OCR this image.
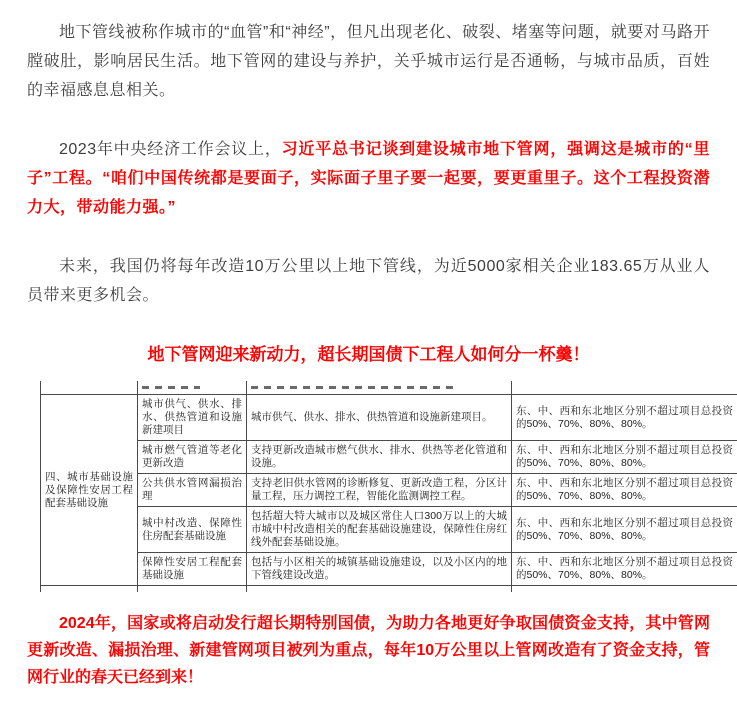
地下管线被称作城市的“血管”和“神经”，但凡出现老化、破裂、堵塞等问题，就要对马路开膛破肚，影响居民生活。地下管网的建设与养护，关乎城市运行是否通畅，与城市品质，百姓的幸福感息息相关。

2023年中央经济工作会议上，习近平总书记谈到建设城市地下管网，强调这是城市的“里子”工程。“咱们中国传统都是要面子，实际面子里子要一起要，要更重里子。这个工程投资潜力大，带动能力强。”

未来，我国仍将每年改造10万公里以上地下管线，为近5000家相关企业183.65万从业人员带来更多机会。

地下管网迎来新动力，超长期国债下工程人如何分一杯羹！

四、城市基础设施及保障性安居工程配套基础设施	城市供气、供水、排水、供热管道和设施新建项目	城市供气、供水、排水、供热管道和设施新建项目。	东、中、西和东北地区分别不超过项目总投资的50%、70%、80%、80%。
	城市燃气管道等老化更新改造	支持更新改造城市燃气供水、排水、供热等老化管道和设施。	东、中、西和东北地区分别不超过项目总投资的50%、70%、80%、80%。
	公共供水管网漏损治理	支持老旧供水管网的诊断修复、更新改造工程，分区计量工程，压力调控工程，智能化监测调控工程。	东、中、西和东北地区分别不超过项目总投资的50%、70%、80%、80%。
	城中村改造、保障性住房配套基础设施	包括超大特大城市以及城区常住人口300万以上的大城市城中村改造相关的配套基础设施建设，保障性住房红线外配套基础设施。	东、中、西和东北地区分别不超过项目总投资的50%、70%、80%、80%。
	保障性安居工程配套基础设施	包括与小区相关的城镇基础设施建设，以及小区内的地下管线建设改造。	东、中、西和东北地区分别不超过项目总投资的50%、70%、80%、80%。

2024年，国家或将启动发行超长期特别国债，为助力各地更好争取国债资金支持，其中管网更新改造、漏损治理、新建管网项目被列为重点，每年10万公里以上管网改造有了资金支持，管网行业的春天已经到来！
